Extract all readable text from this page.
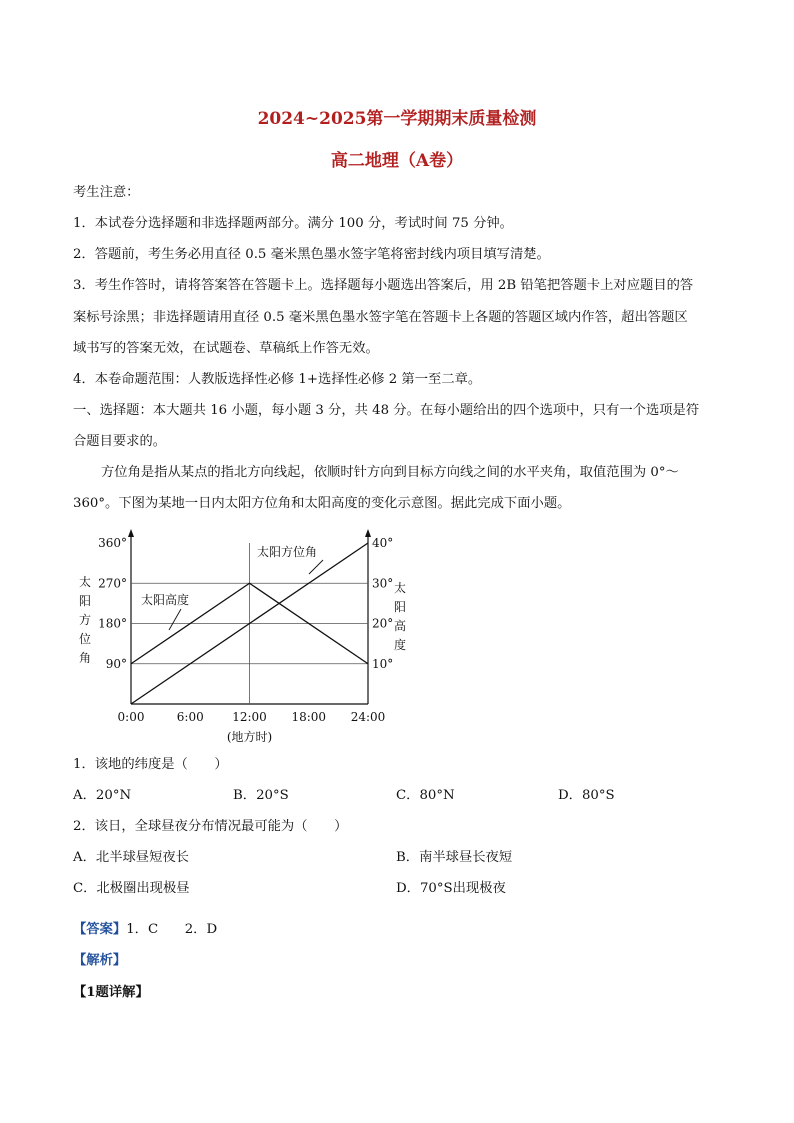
2024~2025第一学期期末质量检测
高二地理（A卷）
考生注意：
1．本试卷分选择题和非选择题两部分。满分 100 分，考试时间 75 分钟。
2．答题前，考生务必用直径 0.5 毫米黑色墨水签字笔将密封线内项目填写清楚。
3．考生作答时，请将答案答在答题卡上。选择题每小题选出答案后，用 2B 铅笔把答题卡上对应题目的答
案标号涂黑；非选择题请用直径 0.5 毫米黑色墨水签字笔在答题卡上各题的答题区域内作答，超出答题区
域书写的答案无效，在试题卷、草稿纸上作答无效。
4．本卷命题范围：人教版选择性必修 1+选择性必修 2 第一至二章。
一、选择题：本大题共 16 小题，每小题 3 分，共 48 分。在每小题给出的四个选项中，只有一个选项是符
合题目要求的。
方位角是指从某点的指北方向线起，依顺时针方向到目标方向线之间的水平夹角，取值范围为 0°～
360°。下图为某地一日内太阳方位角和太阳高度的变化示意图。据此完成下面小题。
90°
180°
270°
360°
10°
20°
30°
40°
0:00	6:00 12:00 18:00 24:00
(地方时)
太
阳
方
位
角
太
阳
高
度
太阳方位角
太阳高度
1．该地的纬度是（　　）
A．20°N	B．20°S	C．80°N	D．80°S
2．该日，全球昼夜分布情况最可能为（　　）
A．北半球昼短夜长	B．南半球昼长夜短
C．北极圈出现极昼	D．70°S出现极夜
【答案】1．C　　2．D
【解析】
【1题详解】
